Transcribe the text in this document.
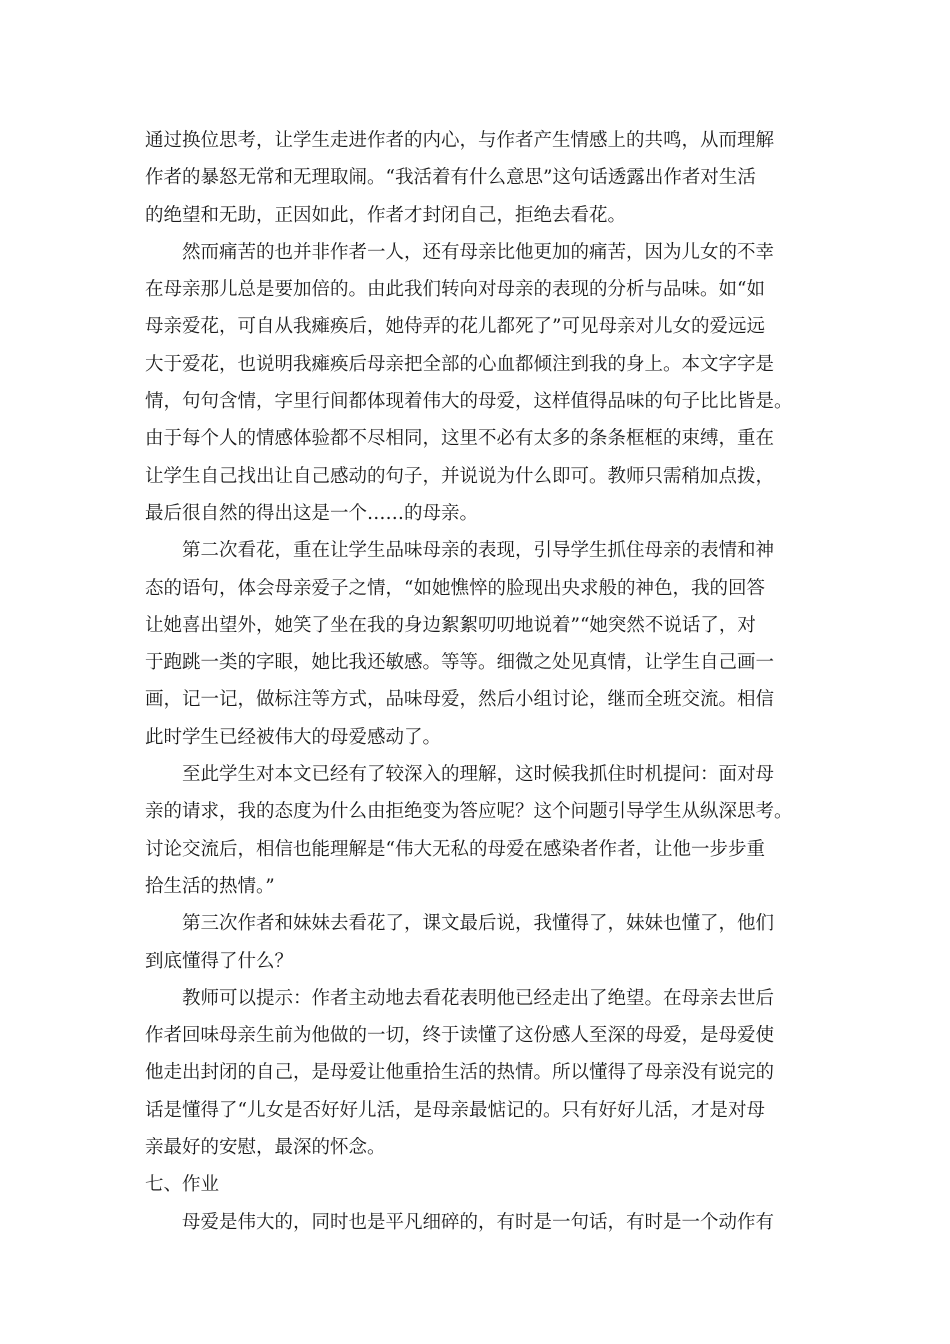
通过换位思考，让学生走进作者的内心，与作者产生情感上的共鸣，从而理解
作者的暴怒无常和无理取闹。“我活着有什么意思”这句话透露出作者对生活
的绝望和无助，正因如此，作者才封闭自己，拒绝去看花。
然而痛苦的也并非作者一人，还有母亲比他更加的痛苦，因为儿女的不幸
在母亲那儿总是要加倍的。由此我们转向对母亲的表现的分析与品味。如“如
母亲爱花，可自从我瘫痪后，她侍弄的花儿都死了”可见母亲对儿女的爱远远
大于爱花，也说明我瘫痪后母亲把全部的心血都倾注到我的身上。本文字字是
情，句句含情，字里行间都体现着伟大的母爱，这样值得品味的句子比比皆是。
由于每个人的情感体验都不尽相同，这里不必有太多的条条框框的束缚，重在
让学生自己找出让自己感动的句子，并说说为什么即可。教师只需稍加点拨，
最后很自然的得出这是一个……的母亲。
第二次看花，重在让学生品味母亲的表现，引导学生抓住母亲的表情和神
态的语句，体会母亲爱子之情，“如她憔悴的脸现出央求般的神色，我的回答
让她喜出望外，她笑了坐在我的身边絮絮叨叨地说着”“她突然不说话了，对
于跑跳一类的字眼，她比我还敏感。等等。细微之处见真情，让学生自己画一
画，记一记，做标注等方式，品味母爱，然后小组讨论，继而全班交流。相信
此时学生已经被伟大的母爱感动了。
至此学生对本文已经有了较深入的理解，这时候我抓住时机提问：面对母
亲的请求，我的态度为什么由拒绝变为答应呢？这个问题引导学生从纵深思考。
讨论交流后，相信也能理解是“伟大无私的母爱在感染者作者，让他一步步重
拾生活的热情。”
第三次作者和妹妹去看花了，课文最后说，我懂得了，妹妹也懂了，他们
到底懂得了什么？
教师可以提示：作者主动地去看花表明他已经走出了绝望。在母亲去世后
作者回味母亲生前为他做的一切，终于读懂了这份感人至深的母爱，是母爱使
他走出封闭的自己，是母爱让他重拾生活的热情。所以懂得了母亲没有说完的
话是懂得了“儿女是否好好儿活，是母亲最惦记的。只有好好儿活，才是对母
亲最好的安慰，最深的怀念。
七、作业
母爱是伟大的，同时也是平凡细碎的，有时是一句话，有时是一个动作有
